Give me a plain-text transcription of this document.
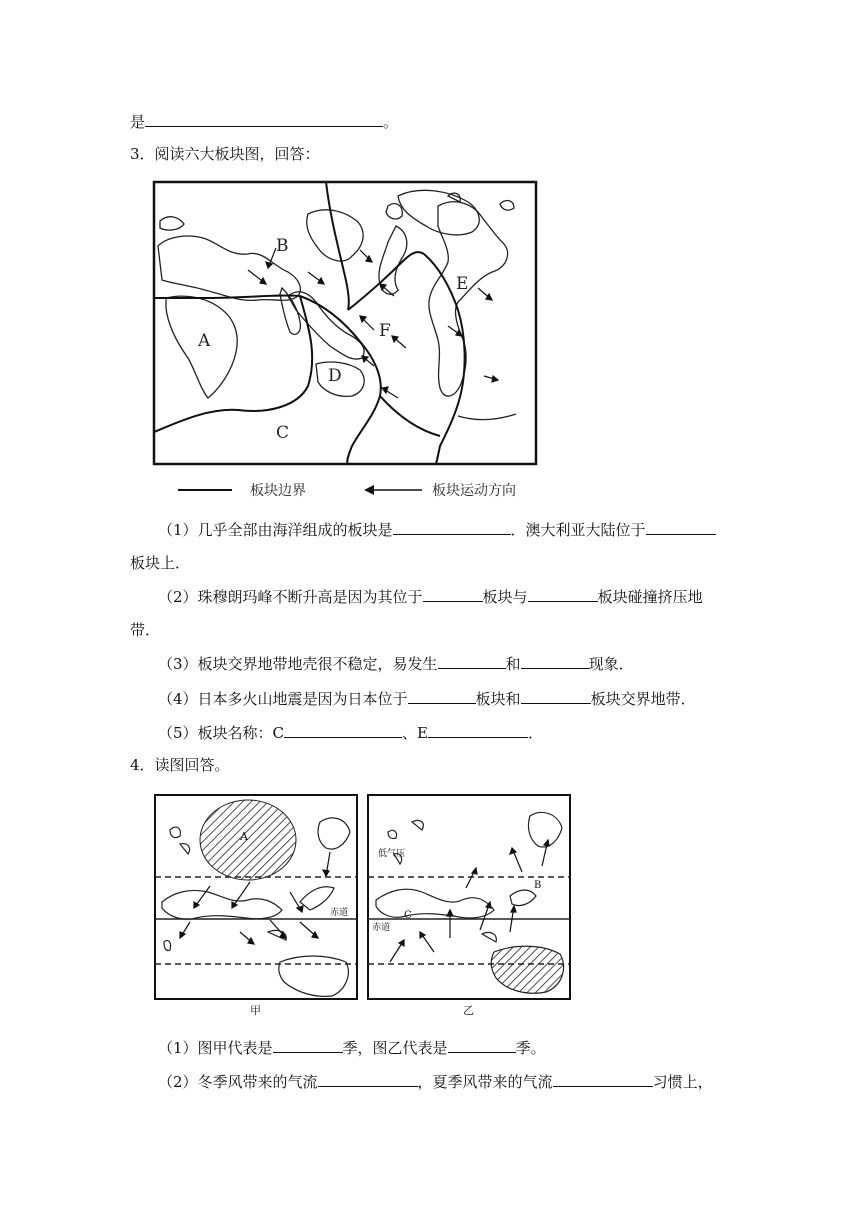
是	。
3．阅读六大板块图，回答：
A
B
C
D
E
F
板块边界	板块运动方向
（1）几乎全部由海洋组成的板块是	．澳大利亚大陆位于
板块上．
（2）珠穆朗玛峰不断升高是因为其位于	板块与	板块碰撞挤压地
带．
（3）板块交界地带地壳很不稳定，易发生	和	现象．
（4）日本多火山地震是因为日本位于	板块和	板块交界地带．
（5）板块名称：C	、E	．
4．读图回答。
A
赤道
甲
低气压
赤道
B
C
乙
（1）图甲代表是	季，图乙代表是	季。
（2）冬季风带来的气流	，夏季风带来的气流	习惯上，
